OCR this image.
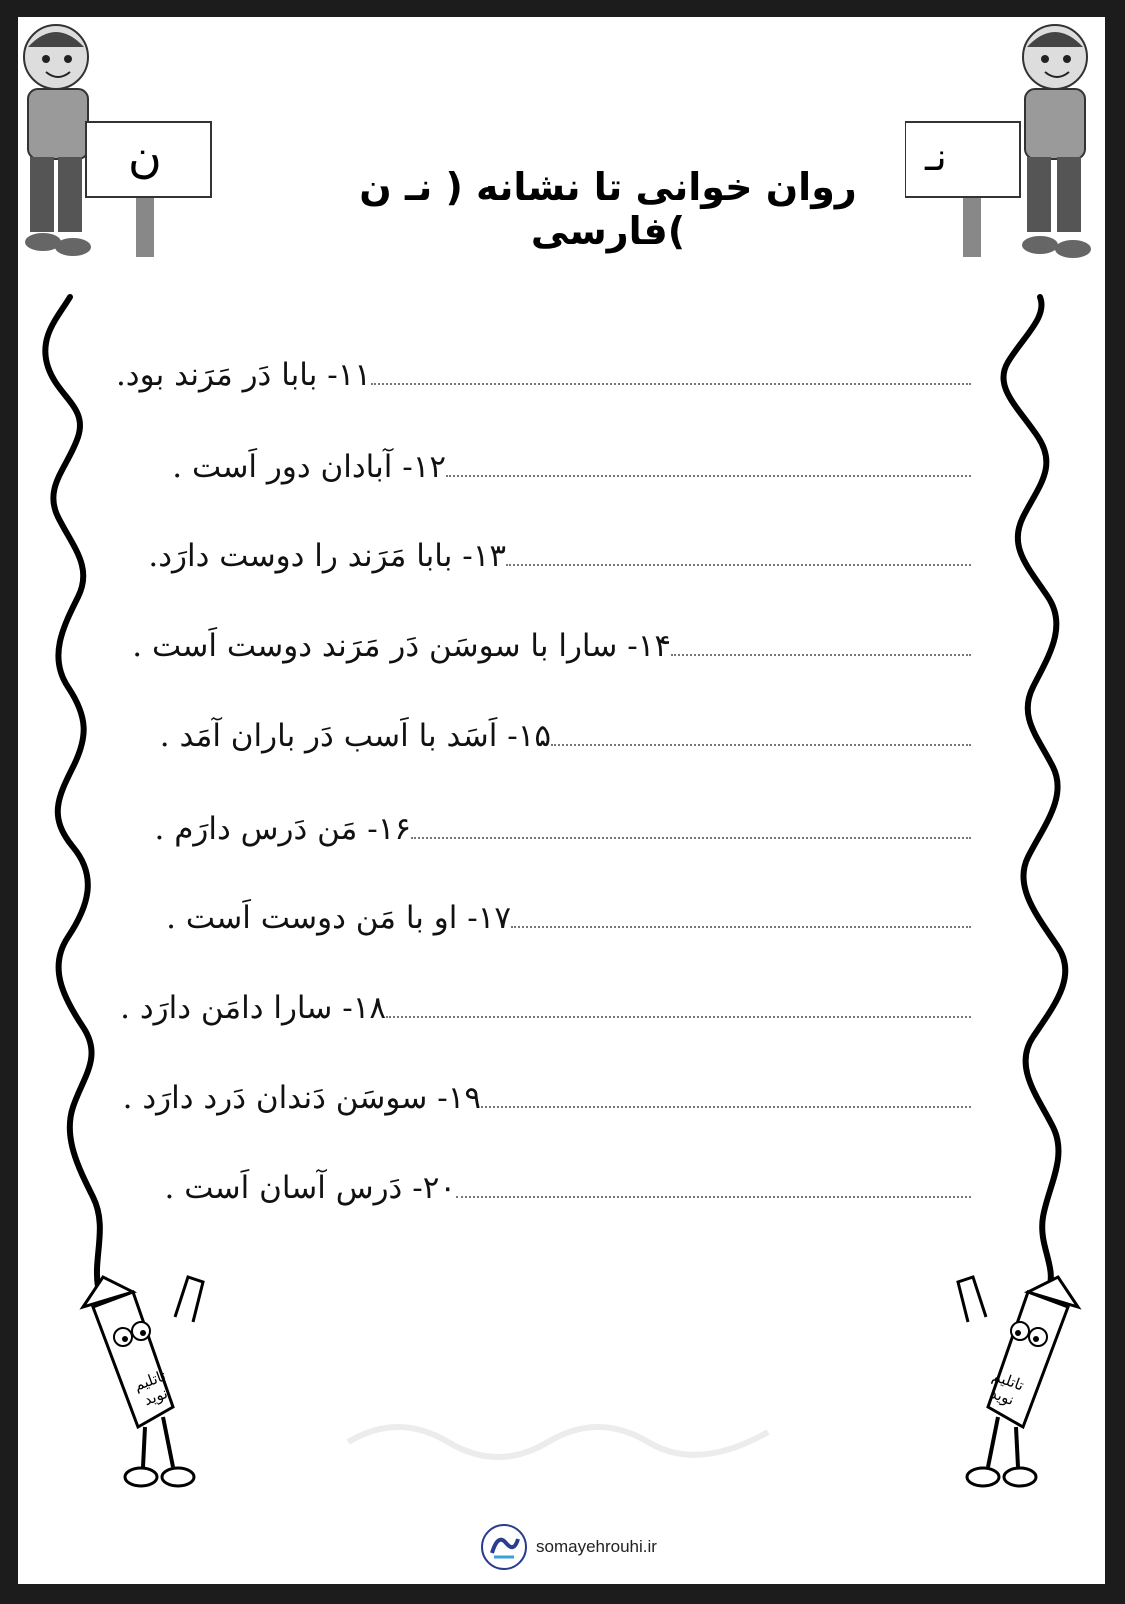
ن	نـ
روان خوانی تا نشانه ( نـ ن )فارسی
۱۱- بابا دَر مَرَند بود.
۱۲- آبادان دور اَست .
۱۳- بابا مَرَند را دوست دارَد.
۱۴- سارا با سوسَن دَر مَرَند دوست اَست .
۱۵- اَسَد با اَسب دَر باران آمَد .
۱۶- مَن دَرس دارَم .
۱۷- او با مَن دوست اَست .
۱۸- سارا دامَن دارَد .
۱۹- سوسَن دَندان دَرد دارَد .
۲۰- دَرس آسان اَست .
تاتلیم نوید
تاتلیم نوید
somayehrouhi.ir
